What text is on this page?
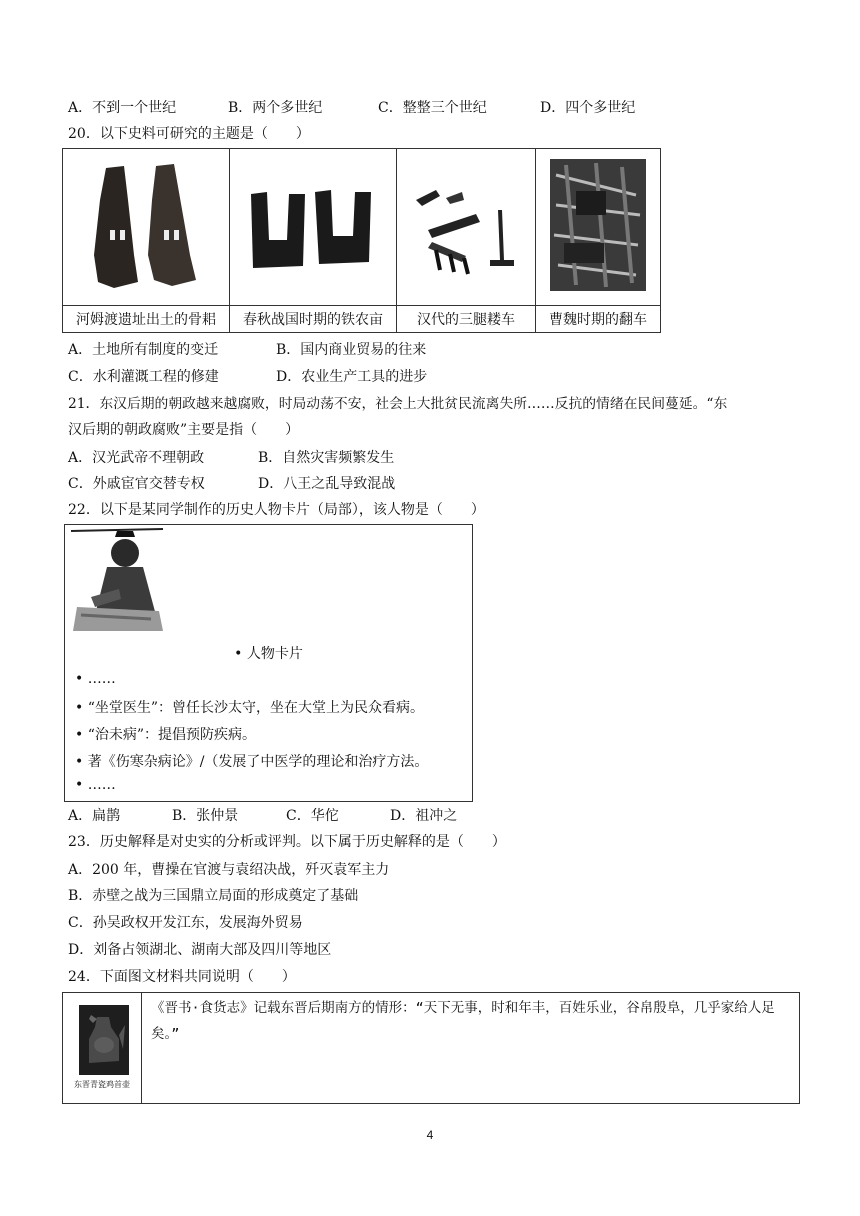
A．不到一个世纪	B．两个多世纪	C．整整三个世纪	D．四个多世纪
20．以下史料可研究的主题是（　　）

河姆渡遗址出土的骨耜	春秋战国时期的铁农亩	汉代的三腿耧车	曹魏时期的翻车
A．土地所有制度的变迁	B．国内商业贸易的往来
C．水利灌溉工程的修建	D．农业生产工具的进步
21．东汉后期的朝政越来越腐败，时局动荡不安，社会上大批贫民流离失所……反抗的情绪在民间蔓延。“东
汉后期的朝政腐败”主要是指（　　）
A．汉光武帝不理朝政	B．自然灾害频繁发生
C．外戚宦官交替专权	D．八王之乱导致混战
22．以下是某同学制作的历史人物卡片（局部），该人物是（　　）
• 人物卡片
• ……
• “坐堂医生”：曾任长沙太守，坐在大堂上为民众看病。
• “治未病”：提倡预防疾病。
• 著《伤寒杂病论》/（发展了中医学的理论和治疗方法。
• ……
A．扁鹊	B．张仲景	C．华佗	D．祖冲之
23．历史解释是对史实的分析或评判。以下属于历史解释的是（　　）
A．200 年，曹操在官渡与袁绍决战，歼灭袁军主力
B．赤壁之战为三国鼎立局面的形成奠定了基础
C．孙吴政权开发江东，发展海外贸易
D．刘备占领湖北、湖南大部及四川等地区
24．下面图文材料共同说明（　　）
东晋青瓷鸡首壶
《晋书·食货志》记载东晋后期南方的情形：“天下无事，时和年丰，百姓乐业，谷帛殷阜，几乎家给人足矣。”
4
